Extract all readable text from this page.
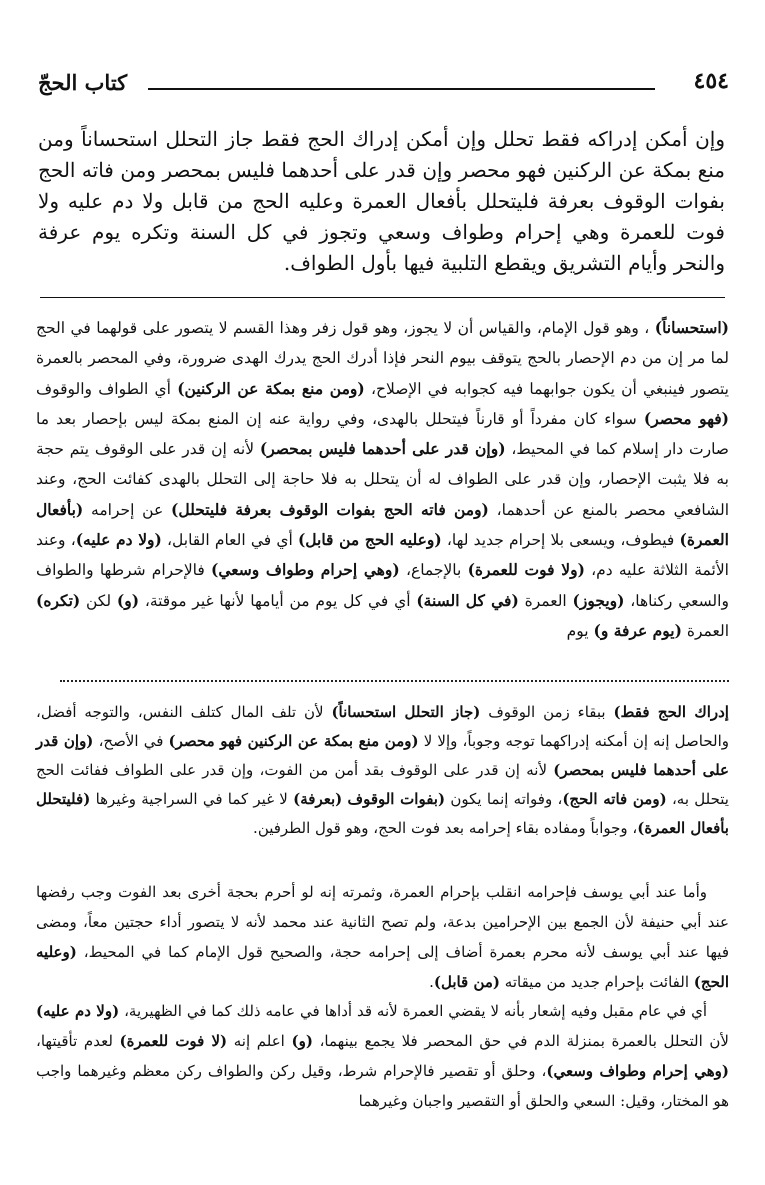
٤٥٤
كتاب الحجّ

وإن أمكن إدراكه فقط تحلل وإن أمكن إدراك الحج فقط جاز التحلل استحساناً ومن منع بمكة عن الركنين فهو محصر وإن قدر على أحدهما فليس بمحصر ومن فاته الحج بفوات الوقوف بعرفة فليتحلل بأفعال العمرة وعليه الحج من قابل ولا دم عليه ولا فوت للعمرة وهي إحرام وطواف وسعي وتجوز في كل السنة وتكره يوم عرفة والنحر وأيام التشريق ويقطع التلبية فيها بأول الطواف.

(استحساناً) ، وهو قول الإمام، والقياس أن لا يجوز، وهو قول زفر وهذا القسم لا يتصور على قولهما في الحج لما مر إن من دم الإحصار بالحج يتوقف بيوم النحر فإذا أدرك الحج يدرك الهدى ضرورة، وفي المحصر بالعمرة يتصور فينبغي أن يكون جوابهما فيه كجوابه في الإصلاح، (ومن منع بمكة عن الركنين) أي الطواف والوقوف (فهو محصر) سواء كان مفرداً أو قارناً فيتحلل بالهدى، وفي رواية عنه إن المنع بمكة ليس بإحصار بعد ما صارت دار إسلام كما في المحيط، (وإن قدر على أحدهما فليس بمحصر) لأنه إن قدر على الوقوف يتم حجة به فلا يثبت الإحصار، وإن قدر على الطواف له أن يتحلل به فلا حاجة إلى التحلل بالهدى كفائت الحج، وعند الشافعي محصر بالمنع عن أحدهما، (ومن فاته الحج بفوات الوقوف بعرفة فليتحلل) عن إحرامه (بأفعال العمرة) فيطوف، ويسعى بلا إحرام جديد لها، (وعليه الحج من قابل) أي في العام القابل، (ولا دم عليه)، وعند الأئمة الثلاثة عليه دم، (ولا فوت للعمرة) بالإجماع، (وهي إحرام وطواف وسعي) فالإحرام شرطها والطواف والسعي ركناها، (ويجوز) العمرة (في كل السنة) أي في كل يوم من أيامها لأنها غير موقتة، (و) لكن (تكره) العمرة (يوم عرفة و) يوم

إدراك الحج فقط) ببقاء زمن الوقوف (جاز التحلل استحساناً) لأن تلف المال كتلف النفس، والتوجه أفضل، والحاصل إنه إن أمكنه إدراكهما توجه وجوباً، وإلا لا (ومن منع بمكة عن الركنين فهو محصر) في الأصح، (وإن قدر على أحدهما فليس بمحصر) لأنه إن قدر على الوقوف بقد أمن من الفوت، وإن قدر على الطواف ففائت الحج يتحلل به، (ومن فاته الحج)، وفواته إنما يكون (بفوات الوقوف (بعرفة) لا غير كما في السراجية وغيرها (فليتحلل بأفعال العمرة)، وجواباً ومفاده بقاء إحرامه بعد فوت الحج، وهو قول الطرفين.

وأما عند أبي يوسف فإحرامه انقلب بإحرام العمرة، وثمرته إنه لو أحرم بحجة أخرى بعد الفوت وجب رفضها عند أبي حنيفة لأن الجمع بين الإحرامين بدعة، ولم تصح الثانية عند محمد لأنه لا يتصور أداء حجتين معاً، ومضى فيها عند أبي يوسف لأنه محرم بعمرة أضاف إلى إحرامه حجة، والصحيح قول الإمام كما في المحيط، (وعليه الحج) الفائت بإحرام جديد من ميقاته (من قابل).

أي في عام مقبل وفيه إشعار بأنه لا يقضي العمرة لأنه قد أداها في عامه ذلك كما في الظهيرية، (ولا دم عليه) لأن التحلل بالعمرة بمنزلة الدم في حق المحصر فلا يجمع بينهما، (و) اعلم إنه (لا فوت للعمرة) لعدم تأقيتها، (وهي إحرام وطواف وسعي)، وحلق أو تقصير فالإحرام شرط، وقيل ركن والطواف ركن معظم وغيرهما واجب هو المختار، وقيل: السعي والحلق أو التقصير واجبان وغيرهما
